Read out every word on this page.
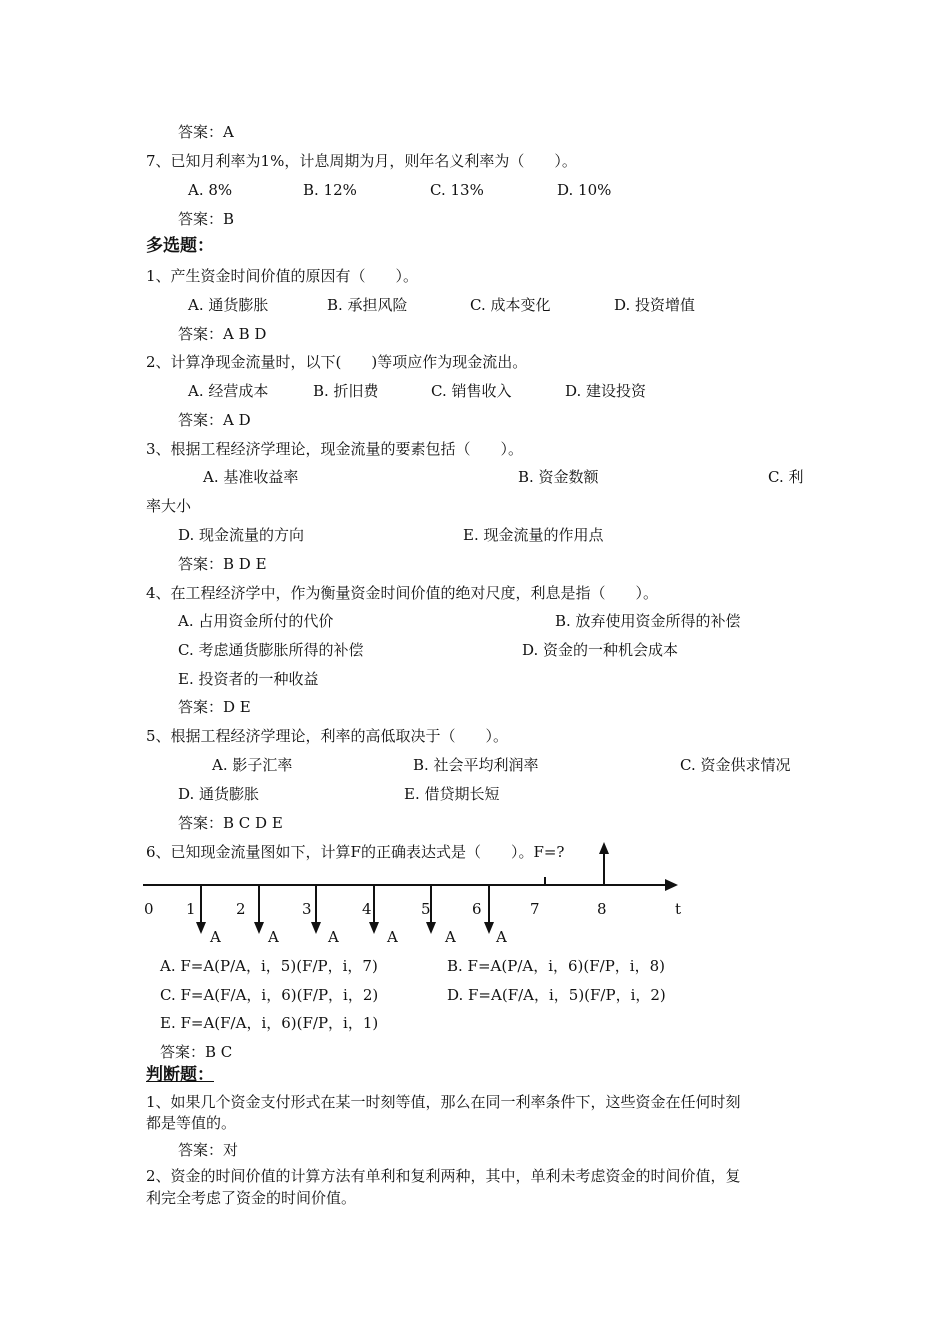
答案：A
7、已知月利率为1%，计息周期为月，则年名义利率为（　　）。
A. 8%	B. 12%	C. 13%	D. 10%
答案：B
多选题：
1、产生资金时间价值的原因有（　　）。
A. 通货膨胀	B. 承担风险	C. 成本变化	D. 投资增值
答案：A B D
2、计算净现金流量时，以下(　　)等项应作为现金流出。
A. 经营成本	B. 折旧费	C. 销售收入	D. 建设投资
答案：A D
3、根据工程经济学理论，现金流量的要素包括（　　）。
A. 基准收益率	B. 资金数额	C. 利
率大小
D. 现金流量的方向	E. 现金流量的作用点
答案：B D E
4、在工程经济学中，作为衡量资金时间价值的绝对尺度，利息是指（　　）。
A. 占用资金所付的代价	B. 放弃使用资金所得的补偿
C. 考虑通货膨胀所得的补偿	D. 资金的一种机会成本
E. 投资者的一种收益
答案：D E
5、根据工程经济学理论，利率的高低取决于（　　）。
A. 影子汇率	B. 社会平均利润率	C. 资金供求情况
D. 通货膨胀	E. 借贷期长短
答案：B C D E
6、已知现金流量图如下，计算F的正确表达式是（　　）。F=?
0 1	2	3	4	5	6	7	8	t
A	A	A	A	A	A
A. F=A(P/A，i，5)(F/P，i，7)	B. F=A(P/A，i，6)(F/P，i，8)
C. F=A(F/A，i，6)(F/P，i，2)	D. F=A(F/A，i，5)(F/P，i，2)
E. F=A(F/A，i，6)(F/P，i，1)
答案：B C
判断题：
1、如果几个资金支付形式在某一时刻等值，那么在同一利率条件下，这些资金在任何时刻
都是等值的。
答案：对
2、资金的时间价值的计算方法有单利和复利两种，其中，单利未考虑资金的时间价值，复
利完全考虑了资金的时间价值。
